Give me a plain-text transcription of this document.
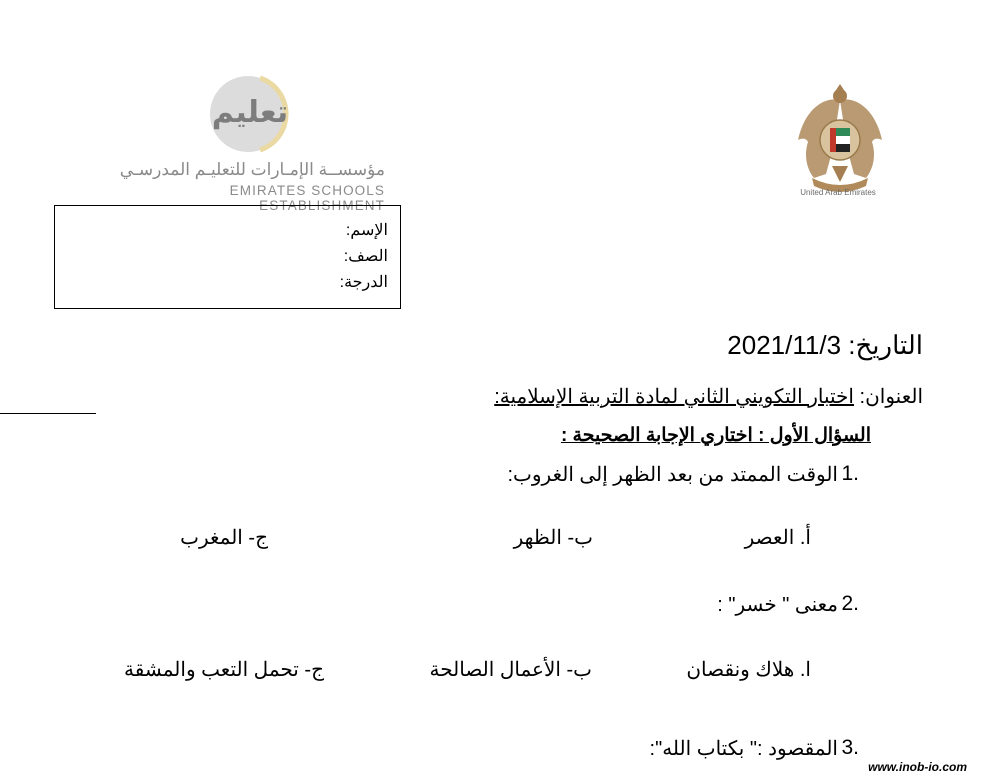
United Arab Emirates
تعليم
مؤسســة الإمـارات للتعليـم المدرسـي
EMIRATES SCHOOLS ESTABLISHMENT
الإسم:
الصف:
الدرجة:
التاريخ: 2021/11/3
العنوان: اختبار التكويني الثاني لمادة التربية الإسلامية:
السؤال الأول : اختاري الإجابة الصحيحة :
الوقت الممتد من بعد الظهر إلى الغروب: 1.
أ. العصر
ب- الظهر
ج- المغرب
معنى " خسر" : 2.
ا. هلاك ونقصان
ب- الأعمال الصالحة
ج- تحمل التعب والمشقة
المقصود :" بكتاب الله": 3.
www.inob-io.com
